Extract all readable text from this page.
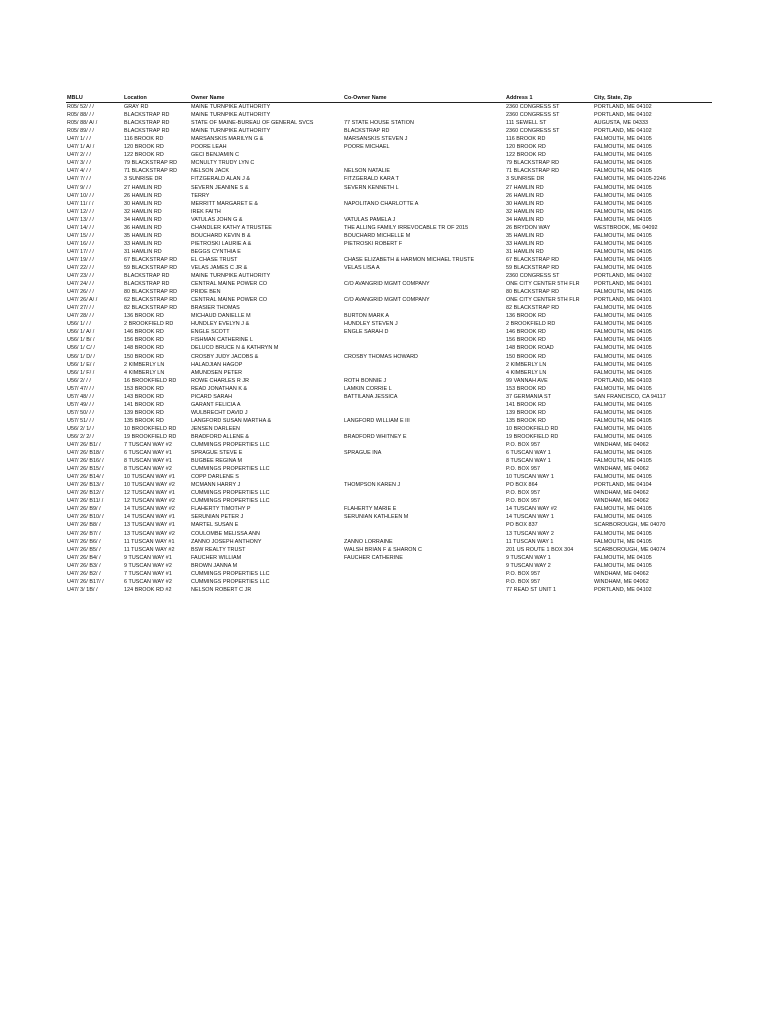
MBLU	Location	Owner Name	Co-Owner Name	Address 1	City, State, Zip
R05/ 52/ / /	GRAY RD	MAINE TURNPIKE AUTHORITY		2360 CONGRESS ST	PORTLAND, ME 04102
R05/ 88/ / /	BLACKSTRAP RD	MAINE TURNPIKE AUTHORITY		2360 CONGRESS ST	PORTLAND, ME 04102
R05/ 88/ A/ /	BLACKSTRAP RD	STATE OF MAINE-BUREAU OF GENERAL SVCS	77 STATE HOUSE STATION	111 SEWELL ST	AUGUSTA, ME 04333
R05/ 89/ / /	BLACKSTRAP RD	MAINE TURNPIKE AUTHORITY	BLACKSTRAP RD	2360 CONGRESS ST	PORTLAND, ME 04102
U47/ 1/ / /	116 BROOK RD	MARSANSKIS MARILYN G &	MARSANSKIS STEVEN J	116 BROOK RD	FALMOUTH, ME 04105
U47/ 1/ A/ /	120 BROOK RD	POORE LEAH	POORE MICHAEL	120 BROOK RD	FALMOUTH, ME 04105
U47/ 2/ / /	122 BROOK RD	GECI BENJAMIN C		122 BROOK RD	FALMOUTH, ME 04105
U47/ 3/ / /	79 BLACKSTRAP RD	MCNULTY TRUDY LYN C		79 BLACKSTRAP RD	FALMOUTH, ME 04105
U47/ 4/ / /	71 BLACKSTRAP RD	NELSON JACK	NELSON NATALIE	71 BLACKSTRAP RD	FALMOUTH, ME 04105
U47/ 7/ / /	3 SUNRISE DR	FITZGERALD ALAN J &	FITZGERALD KARA T	3 SUNRISE DR	FALMOUTH, ME 04105-2246
U47/ 9/ / /	27 HAMLIN RD	SEVERN JEANINE S &	SEVERN KENNETH L	27 HAMLIN RD	FALMOUTH, ME 04105
U47/ 10/ / /	26 HAMLIN RD	TERRY		26 HAMLIN RD	FALMOUTH, ME 04105
U47/ 11/ / /	30 HAMLIN RD	MERRITT MARGARET E &	NAPOLITANO CHARLOTTE A	30 HAMLIN RD	FALMOUTH, ME 04105
U47/ 12/ / /	32 HAMLIN RD	IREK FAITH		32 HAMLIN RD	FALMOUTH, ME 04105
U47/ 13/ / /	34 HAMLIN RD	VATULAS JOHN G &	VATULAS PAMELA J	34 HAMLIN RD	FALMOUTH, ME 04105
U47/ 14/ / /	36 HAMLIN RD	CHANDLER KATHY A TRUSTEE	THE ALLING FAMILY IRREVOCABLE TR OF 2015	26 BRYDON WAY	WESTBROOK, ME 04092
U47/ 15/ / /	35 HAMLIN RD	BOUCHARD KEVIN B &	BOUCHARD MICHELLE M	35 HAMLIN RD	FALMOUTH, ME 04105
U47/ 16/ / /	33 HAMLIN RD	PIETROSKI LAURIE A &	PIETROSKI ROBERT F	33 HAMLIN RD	FALMOUTH, ME 04105
U47/ 17/ / /	31 HAMLIN RD	BEGGS CYNTHIA E		31 HAMLIN RD	FALMOUTH, ME 04105
U47/ 19/ / /	67 BLACKSTRAP RD	EL CHASE TRUST	CHASE ELIZABETH & HARMON MICHAEL TRUSTE	67 BLACKSTRAP RD	FALMOUTH, ME 04105
U47/ 22/ / /	59 BLACKSTRAP RD	VELAS JAMES C JR &	VELAS LISA A	59 BLACKSTRAP RD	FALMOUTH, ME 04105
U47/ 23/ / /	BLACKSTRAP RD	MAINE TURNPIKE AUTHORITY		2360 CONGRESS ST	PORTLAND, ME 04102
U47/ 24/ / /	BLACKSTRAP RD	CENTRAL MAINE POWER CO	C/O AVANGRID MGMT COMPANY	ONE CITY CENTER 5TH FLR	PORTLAND, ME 04101
U47/ 26/ / /	80 BLACKSTRAP RD	PRIDE BEN		80 BLACKSTRAP RD	FALMOUTH, ME 04105
U47/ 26/ A/ /	62 BLACKSTRAP RD	CENTRAL MAINE POWER CO	C/O AVANGRID MGMT COMPANY	ONE CITY CENTER 5TH FLR	PORTLAND, ME 04101
U47/ 27/ / /	82 BLACKSTRAP RD	BRASIER THOMAS		82 BLACKSTRAP RD	FALMOUTH, ME 04105
U47/ 28/ / /	136 BROOK RD	MICHAUD DANIELLE M	BURTON MARK A	136 BROOK RD	FALMOUTH, ME 04105
U56/ 1/ / /	2 BROOKFIELD RD	HUNDLEY EVELYN J &	HUNDLEY STEVEN J	2 BROOKFIELD RD	FALMOUTH, ME 04105
U56/ 1/ A/ /	146 BROOK RD	ENGLE SCOTT	ENGLE SARAH D	146 BROOK RD	FALMOUTH, ME 04105
U56/ 1/ B/ /	156 BROOK RD	FISHMAN CATHERINE L		156 BROOK RD	FALMOUTH, ME 04105
U56/ 1/ C/ /	148 BROOK RD	DELUCO BRUCE N & KATHRYN M		148 BROOK ROAD	FALMOUTH, ME 04105
U56/ 1/ D/ /	150 BROOK RD	CROSBY JUDY JACOBS &	CROSBY THOMAS HOWARD	150 BROOK RD	FALMOUTH, ME 04105
U56/ 1/ E/ /	2 KIMBERLY LN	HALADJIAN HAGOP		2 KIMBERLY LN	FALMOUTH, ME 04105
U56/ 1/ F/ /	4 KIMBERLY LN	AMUNDSEN PETER		4 KIMBERLY LN	FALMOUTH, ME 04105
U56/ 2/ / /	16 BROOKFIELD RD	ROWE CHARLES R JR	ROTH BONNIE J	99 VANNAH AVE	PORTLAND, ME 04103
U57/ 47/ / /	153 BROOK RD	READ JONATHAN K &	LAMKIN CORRIE L	153 BROOK RD	FALMOUTH, ME 04105
U57/ 48/ / /	143 BROOK RD	PICARD SARAH	BATTILANA JESSICA	37 GERMANIA ST	SAN FRANCISCO, CA 94117
U57/ 49/ / /	141 BROOK RD	GARANT FELICIA A		141 BROOK RD	FALMOUTH, ME 04105
U57/ 50/ / /	139 BROOK RD	WULBRECHT DAVID J		139 BROOK RD	FALMOUTH, ME 04105
U57/ 51/ / /	135 BROOK RD	LANGFORD SUSAN MARTHA &	LANGFORD WILLIAM E III	135 BROOK RD	FALMOUTH, ME 04105
U56/ 2/ 1/ /	10 BROOKFIELD RD	JENSEN DARLEEN		10 BROOKFIELD RD	FALMOUTH, ME 04105
U56/ 2/ 2/ /	19 BROOKFIELD RD	BRADFORD ALLENE &	BRADFORD WHITNEY E	19 BROOKFIELD RD	FALMOUTH, ME 04105
U47/ 26/ B1/ /	7 TUSCAN WAY #2	CUMMINGS PROPERTIES LLC		P.O. BOX 957	WINDHAM, ME 04062
U47/ 26/ B18/ /	6 TUSCAN WAY #1	SPRAGUE STEVE E	SPRAGUE INA	6 TUSCAN WAY 1	FALMOUTH, ME 04105
U47/ 26/ B16/ /	8 TUSCAN WAY #1	BUGBEE REGINA M		8 TUSCAN WAY 1	FALMOUTH, ME 04105
U47/ 26/ B15/ /	8 TUSCAN WAY #2	CUMMINGS PROPERTIES LLC		P.O. BOX 957	WINDHAM, ME 04062
U47/ 26/ B14/ /	10 TUSCAN WAY #1	COPP DARLENE S		10 TUSCAN WAY 1	FALMOUTH, ME 04105
U47/ 26/ B13/ /	10 TUSCAN WAY #2	MCMANN HARRY J	THOMPSON KAREN J	PO BOX 864	PORTLAND, ME 04104
U47/ 26/ B12/ /	12 TUSCAN WAY #1	CUMMINGS PROPERTIES LLC		P.O. BOX 957	WINDHAM, ME 04062
U47/ 26/ B11/ /	12 TUSCAN WAY #2	CUMMINGS PROPERTIES LLC		P.O. BOX 957	WINDHAM, ME 04062
U47/ 26/ B9/ /	14 TUSCAN WAY #2	FLAHERTY TIMOTHY P	FLAHERTY MARIE E	14 TUSCAN WAY #2	FALMOUTH, ME 04105
U47/ 26/ B10/ /	14 TUSCAN WAY #1	SERUNIAN PETER J	SERUNIAN KATHLEEN M	14 TUSCAN WAY 1	FALMOUTH, ME 04105
U47/ 26/ B8/ /	13 TUSCAN WAY #1	MARTEL SUSAN E		PO BOX 837	SCARBOROUGH, ME 04070
U47/ 26/ B7/ /	13 TUSCAN WAY #2	COULOMBE MELISSA ANN		13 TUSCAN WAY 2	FALMOUTH, ME 04105
U47/ 26/ B6/ /	11 TUSCAN WAY #1	ZANNO JOSEPH ANTHONY	ZANNO LORRAINE	11 TUSCAN WAY 1	FALMOUTH, ME 04105
U47/ 26/ B5/ /	11 TUSCAN WAY #2	BSW REALTY TRUST	WALSH BRIAN F & SHARON C	201 US ROUTE 1 BOX 304	SCARBOROUGH, ME 04074
U47/ 26/ B4/ /	9 TUSCAN WAY #1	FAUCHER WILLIAM	FAUCHER CATHERINE	9 TUSCAN WAY 1	FALMOUTH, ME 04105
U47/ 26/ B3/ /	9 TUSCAN WAY #2	BROWN JANNA M		9 TUSCAN WAY 2	FALMOUTH, ME 04105
U47/ 26/ B2/ /	7 TUSCAN WAY #1	CUMMINGS PROPERTIES LLC		P.O. BOX 957	WINDHAM, ME 04062
U47/ 26/ B17/ /	6 TUSCAN WAY #2	CUMMINGS PROPERTIES LLC		P.O. BOX 957	WINDHAM, ME 04062
U47/ 3/ 1B/ /	124 BROOK RD #2	NELSON ROBERT C JR		77 READ ST UNIT 1	PORTLAND, ME 04102
